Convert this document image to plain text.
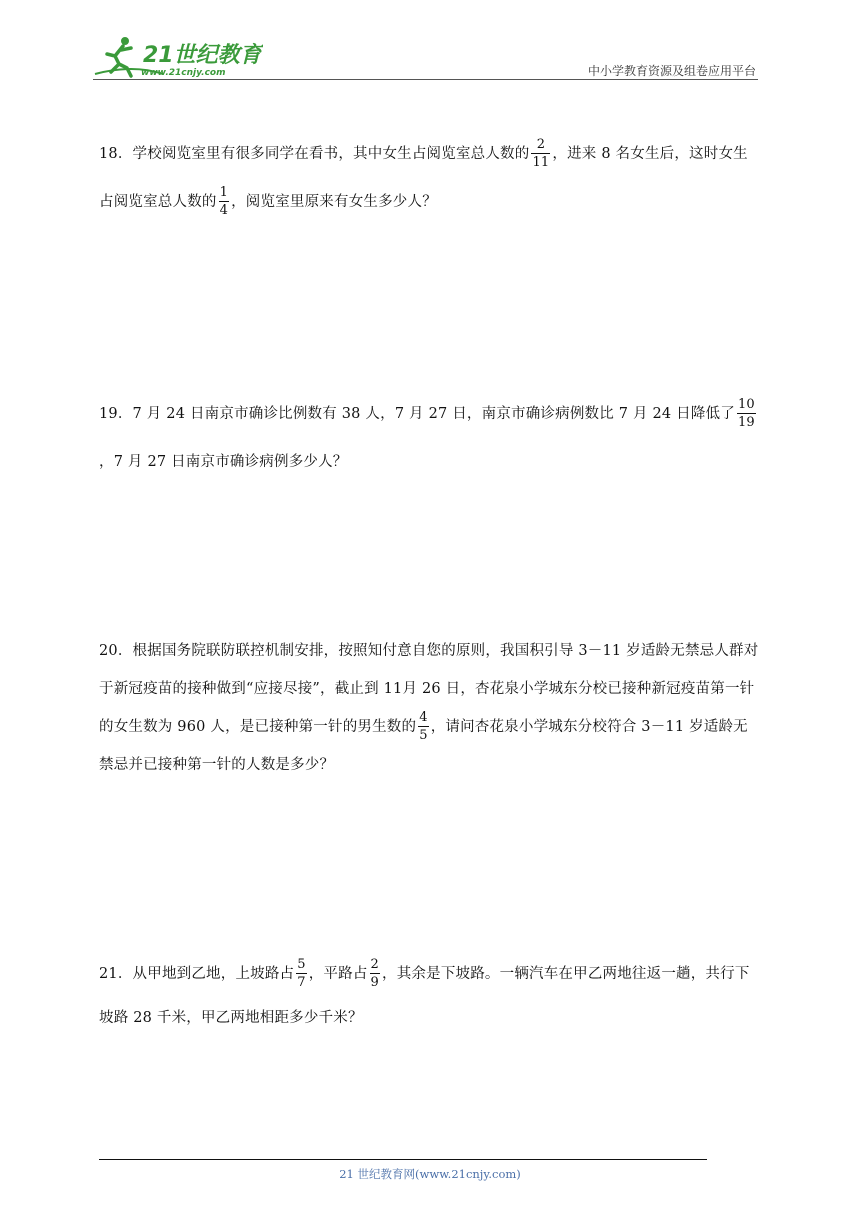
21世纪教育
www.21cnjy.com	中小学教育资源及组卷应用平台
18．学校阅览室里有很多同学在看书，其中女生占阅览室总人数的 $\frac{2}{11}$ ，进来 8 名女生后，这时女生占阅览室总人数的 $\frac{1}{4}$ ，阅览室里原来有女生多少人？
19．7 月 24 日南京市确诊比例数有 38 人，7 月 27 日，南京市确诊病例数比 7 月 24 日降低了 $\frac{10}{19}$
，7 月 27 日南京市确诊病例多少人？
20．根据国务院联防联控机制安排，按照知付意自您的原则，我国积引导 3－11 岁适龄无禁忌人群对于新冠疫苗的接种做到“应接尽接”，截止到 11月 26 日，杏花泉小学城东分校已接种新冠疫苗第一针的女生数为 960 人，是已接种第一针的男生数的 $\frac{4}{5}$ ，请问杏花泉小学城东分校符合 3－11 岁适龄无禁忌并已接种第一针的人数是多少？
21．从甲地到乙地，上坡路占 $\frac{5}{7}$ ，平路占 $\frac{2}{9}$ ，其余是下坡路。一辆汽车在甲乙两地往返一趟，共行下坡路 28 千米，甲乙两地相距多少千米？
21 世纪教育网(www.21cnjy.com)
